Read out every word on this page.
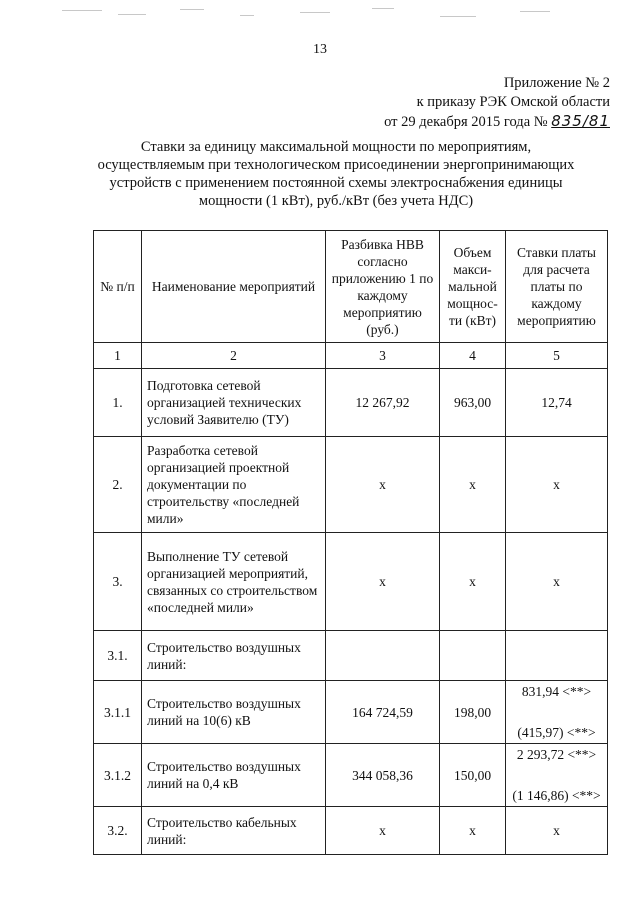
13
Приложение № 2
к приказу РЭК Омской области
от 29 декабря 2015 года № 835/81
Ставки за единицу максимальной мощности по мероприятиям,
осуществляемым при технологическом присоединении энергопринимающих
устройств с применением постоянной схемы электроснабжения единицы
мощности (1 кВт), руб./кВт (без учета НДС)
№ п/п	Наименование мероприятий	Разбивка НВВ согласно приложению 1 по каждому мероприятию (руб.)	Объем макси-мальной мощнос-ти (кВт)	Ставки платы для расчета платы по каждому мероприятию
1	2	3	4	5
1.	Подготовка сетевой организацией технических условий Заявителю (ТУ)	12 267,92	963,00	12,74
2.	Разработка сетевой организацией проектной документации по строительству «последней мили»	х	х	х
3.	Выполнение ТУ сетевой организацией мероприятий, связанных со строительством «последней мили»	х	х	х
3.1.	Строительство воздушных линий:			
3.1.1	Строительство воздушных линий на 10(6) кВ	164 724,59	198,00	831,94 <**>
(415,97) <**>

3.1.2	Строительство воздушных линий на 0,4 кВ	344 058,36	150,00	2 293,72 <**>
(1 146,86) <**>

3.2.	Строительство кабельных линий:	х	х	х
